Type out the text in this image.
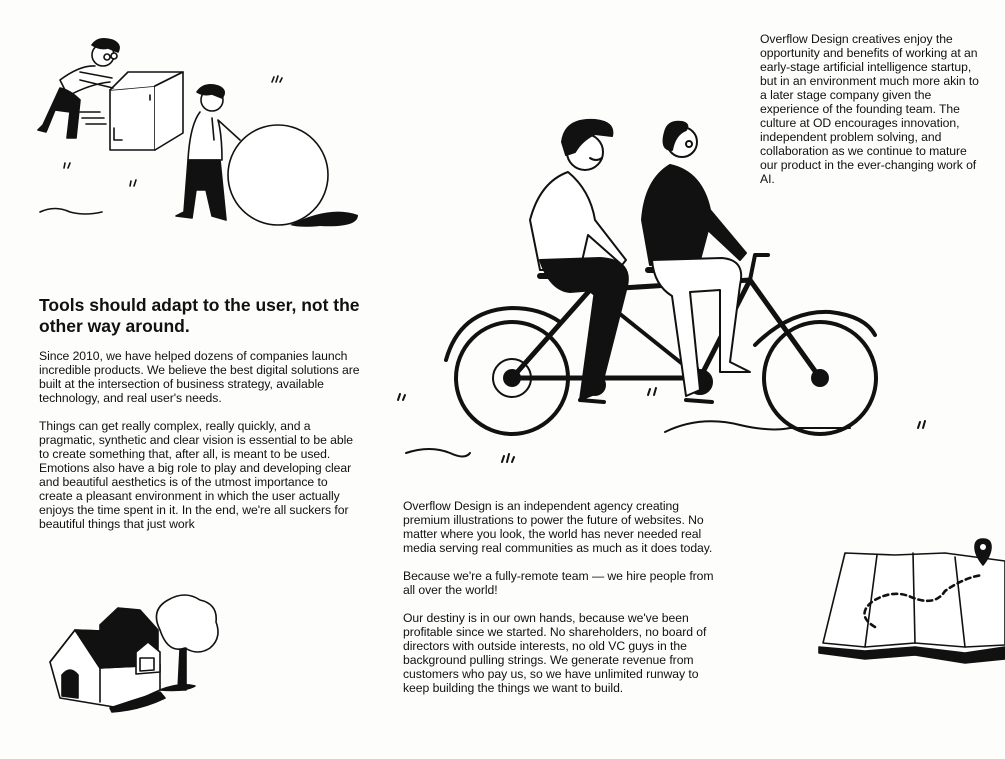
Overflow Design creatives enjoy the opportunity and benefits of working at an early-stage artificial intelligence startup, but in an environment much more akin to a later stage company given the experience of the founding team. The culture at OD encourages innovation, independent problem solving, and collaboration as we continue to mature our product in the ever-changing work of AI.

Tools should adapt to the user, not the other way around.

Since 2010, we have helped dozens of companies launch incredible products. We believe the best digital solutions are built at the intersection of business strategy, available technology, and real user's needs.

Things can get really complex, really quickly, and a pragmatic, synthetic and clear vision is essential to be able to create something that, after all, is meant to be used. Emotions also have a big role to play and developing clear and beautiful aesthetics is of the utmost importance to create a pleasant environment in which the user actually enjoys the time spent in it. In the end, we're all suckers for beautiful things that just work

Overflow Design is an independent agency creating premium illustrations to power the future of websites. No matter where you look, the world has never needed real media serving real communities as much as it does today.

Because we're a fully-remote team — we hire people from all over the world!

Our destiny is in our own hands, because we've been profitable since we started. No shareholders, no board of directors with outside interests, no old VC guys in the background pulling strings. We generate revenue from customers who pay us, so we have unlimited runway to keep building the things we want to build.
